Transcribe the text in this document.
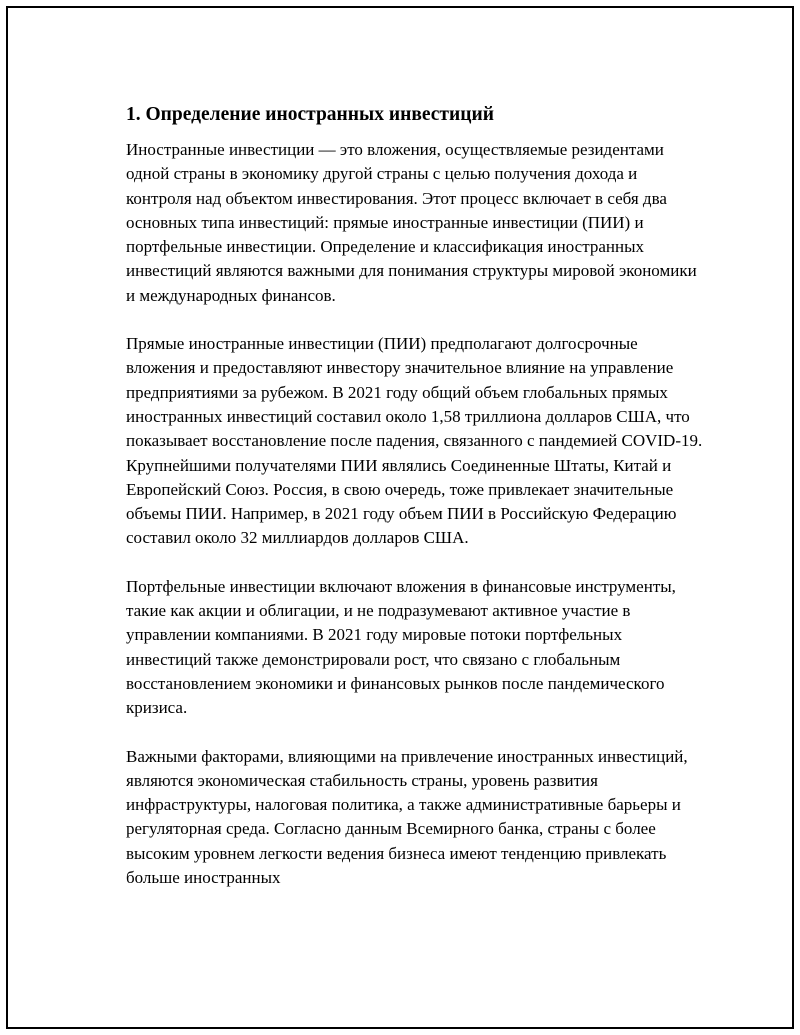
1. Определение иностранных инвестиций

Иностранные инвестиции — это вложения, осуществляемые резидентами одной страны в экономику другой страны с целью получения дохода и контроля над объектом инвестирования. Этот процесс включает в себя два основных типа инвестиций: прямые иностранные инвестиции (ПИИ) и портфельные инвестиции. Определение и классификация иностранных инвестиций являются важными для понимания структуры мировой экономики и международных финансов.

Прямые иностранные инвестиции (ПИИ) предполагают долгосрочные вложения и предоставляют инвестору значительное влияние на управление предприятиями за рубежом. В 2021 году общий объем глобальных прямых иностранных инвестиций составил около 1,58 триллиона долларов США, что показывает восстановление после падения, связанного с пандемией COVID-19. Крупнейшими получателями ПИИ являлись Соединенные Штаты, Китай и Европейский Союз. Россия, в свою очередь, тоже привлекает значительные объемы ПИИ. Например, в 2021 году объем ПИИ в Российскую Федерацию составил около 32 миллиардов долларов США.

Портфельные инвестиции включают вложения в финансовые инструменты, такие как акции и облигации, и не подразумевают активное участие в управлении компаниями. В 2021 году мировые потоки портфельных инвестиций также демонстрировали рост, что связано с глобальным восстановлением экономики и финансовых рынков после пандемического кризиса.

Важными факторами, влияющими на привлечение иностранных инвестиций, являются экономическая стабильность страны, уровень развития инфраструктуры, налоговая политика, а также административные барьеры и регуляторная среда. Согласно данным Всемирного банка, страны с более высоким уровнем легкости ведения бизнеса имеют тенденцию привлекать больше иностранных
